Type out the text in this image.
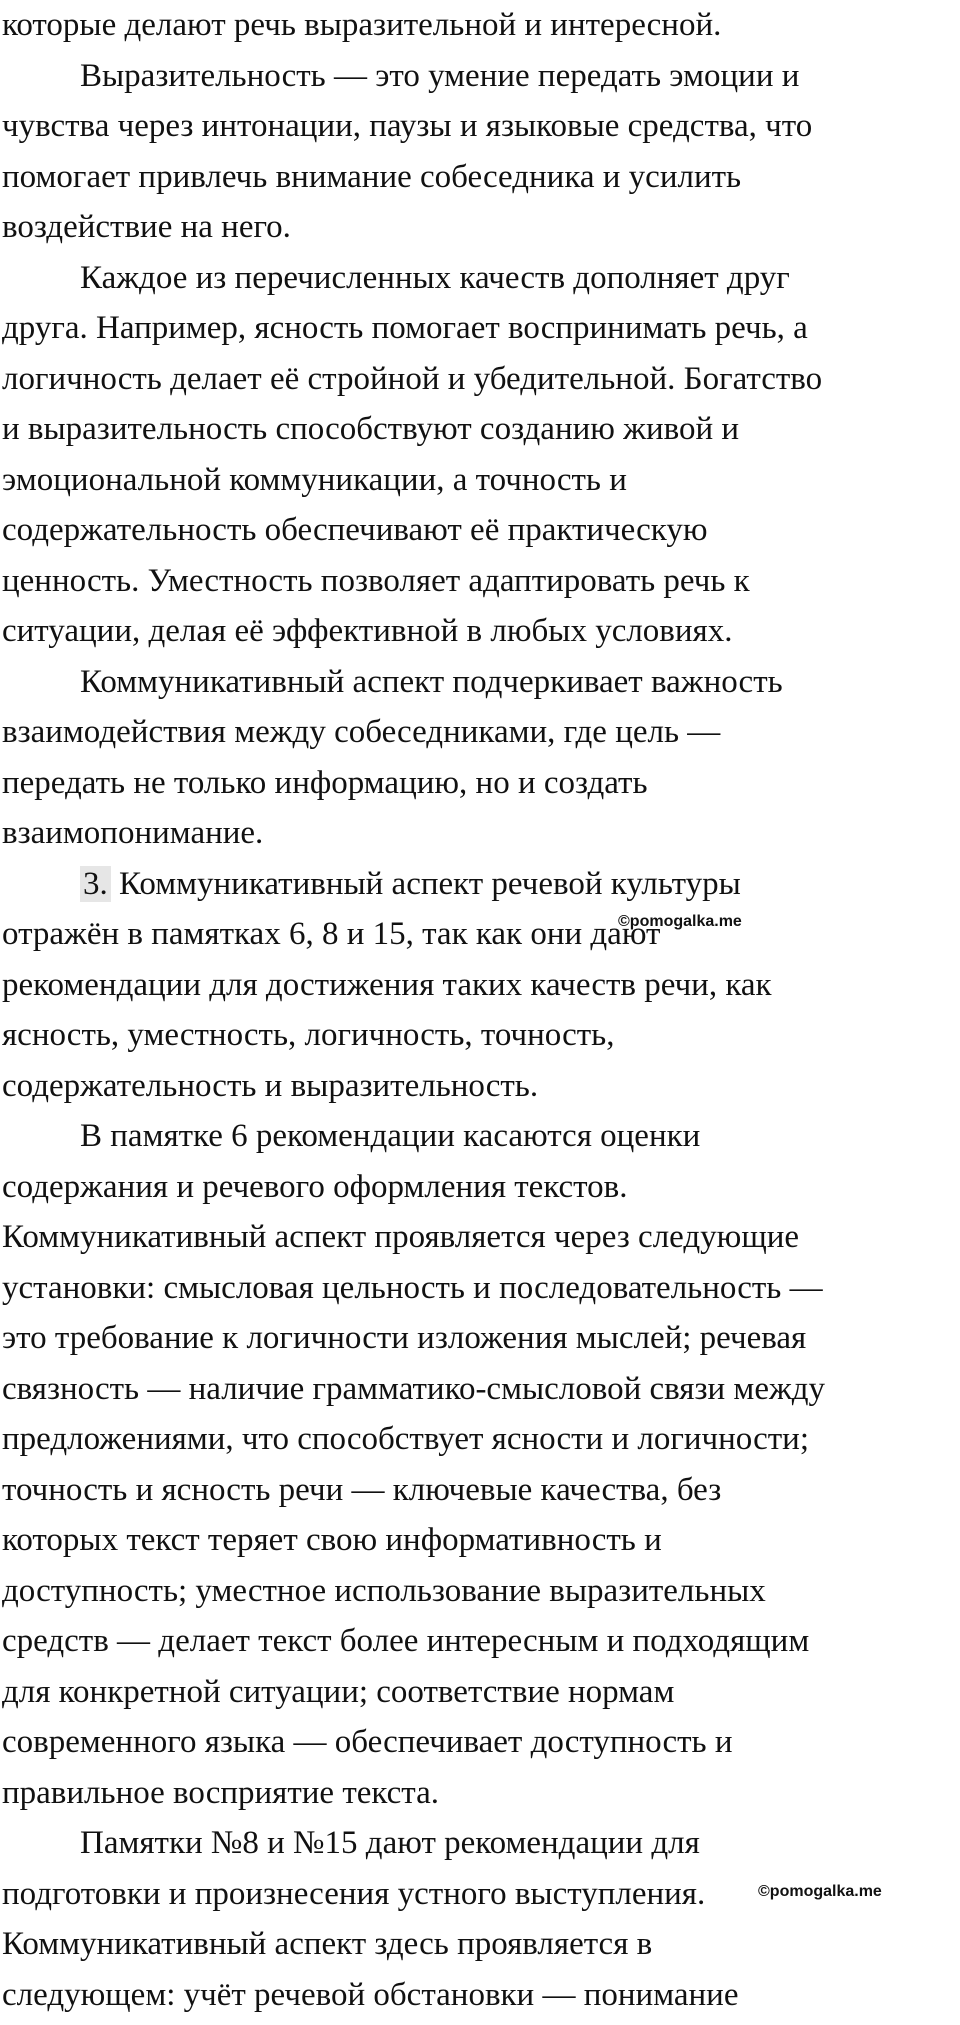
которые делают речь выразительной и интересной.
Выразительность — это умение передать эмоции и
чувства через интонации, паузы и языковые средства, что
помогает привлечь внимание собеседника и усилить
воздействие на него.
Каждое из перечисленных качеств дополняет друг
друга. Например, ясность помогает воспринимать речь, а
логичность делает её стройной и убедительной. Богатство
и выразительность способствуют созданию живой и
эмоциональной коммуникации, а точность и
содержательность обеспечивают её практическую
ценность. Уместность позволяет адаптировать речь к
ситуации, делая её эффективной в любых условиях.
Коммуникативный аспект подчеркивает важность
взаимодействия между собеседниками, где цель —
передать не только информацию, но и создать
взаимопонимание.
3. Коммуникативный аспект речевой культуры
отражён в памятках 6, 8 и 15, так как они дают
рекомендации для достижения таких качеств речи, как
ясность, уместность, логичность, точность,
содержательность и выразительность.
В памятке 6 рекомендации касаются оценки
содержания и речевого оформления текстов.
Коммуникативный аспект проявляется через следующие
установки: смысловая цельность и последовательность —
это требование к логичности изложения мыслей; речевая
связность — наличие грамматико-смысловой связи между
предложениями, что способствует ясности и логичности;
точность и ясность речи — ключевые качества, без
которых текст теряет свою информативность и
доступность; уместное использование выразительных
средств — делает текст более интересным и подходящим
для конкретной ситуации; соответствие нормам
современного языка — обеспечивает доступность и
правильное восприятие текста.
Памятки №8 и №15 дают рекомендации для
подготовки и произнесения устного выступления.
Коммуникативный аспект здесь проявляется в
следующем: учёт речевой обстановки — понимание
©pomogalka.me
©pomogalka.me
